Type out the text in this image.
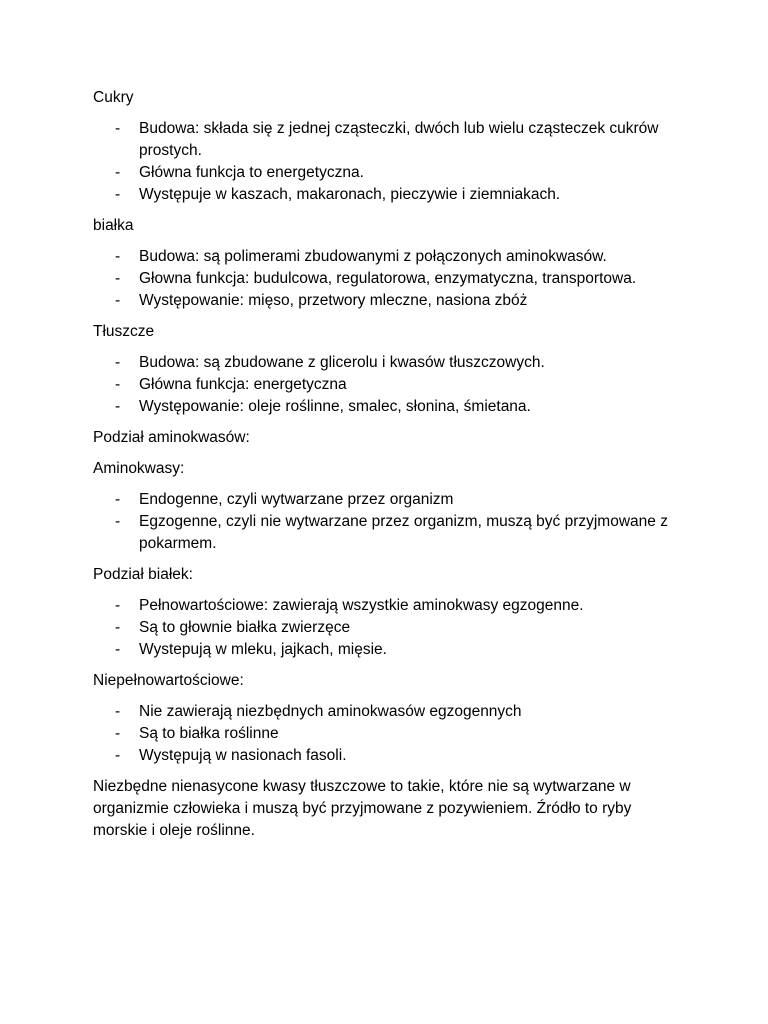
Cukry
- Budowa: składa się z jednej cząsteczki, dwóch lub wielu cząsteczek cukrów prostych.
- Główna funkcja to energetyczna.
- Występuje w kaszach, makaronach, pieczywie i ziemniakach.
białka
- Budowa: są polimerami zbudowanymi z połączonych aminokwasów.
- Głowna funkcja: budulcowa, regulatorowa, enzymatyczna, transportowa.
- Występowanie: mięso, przetwory mleczne, nasiona zbóż
Tłuszcze
- Budowa: są zbudowane z glicerolu i kwasów tłuszczowych.
- Główna funkcja: energetyczna
- Występowanie: oleje roślinne, smalec, słonina, śmietana.
Podział aminokwasów:
Aminokwasy:
- Endogenne, czyli wytwarzane przez organizm
- Egzogenne, czyli nie wytwarzane przez organizm, muszą być przyjmowane z pokarmem.
Podział białek:
- Pełnowartościowe: zawierają wszystkie aminokwasy egzogenne.
- Są to głownie białka zwierzęce
- Wystepują w mleku, jajkach, mięsie.
Niepełnowartościowe:
- Nie zawierają niezbędnych aminokwasów egzogennych
- Są to białka roślinne
- Występują w nasionach fasoli.

Niezbędne nienasycone kwasy tłuszczowe to takie, które nie są wytwarzane w organizmie człowieka i muszą być przyjmowane z pozywieniem. Źródło to ryby morskie i oleje roślinne.
